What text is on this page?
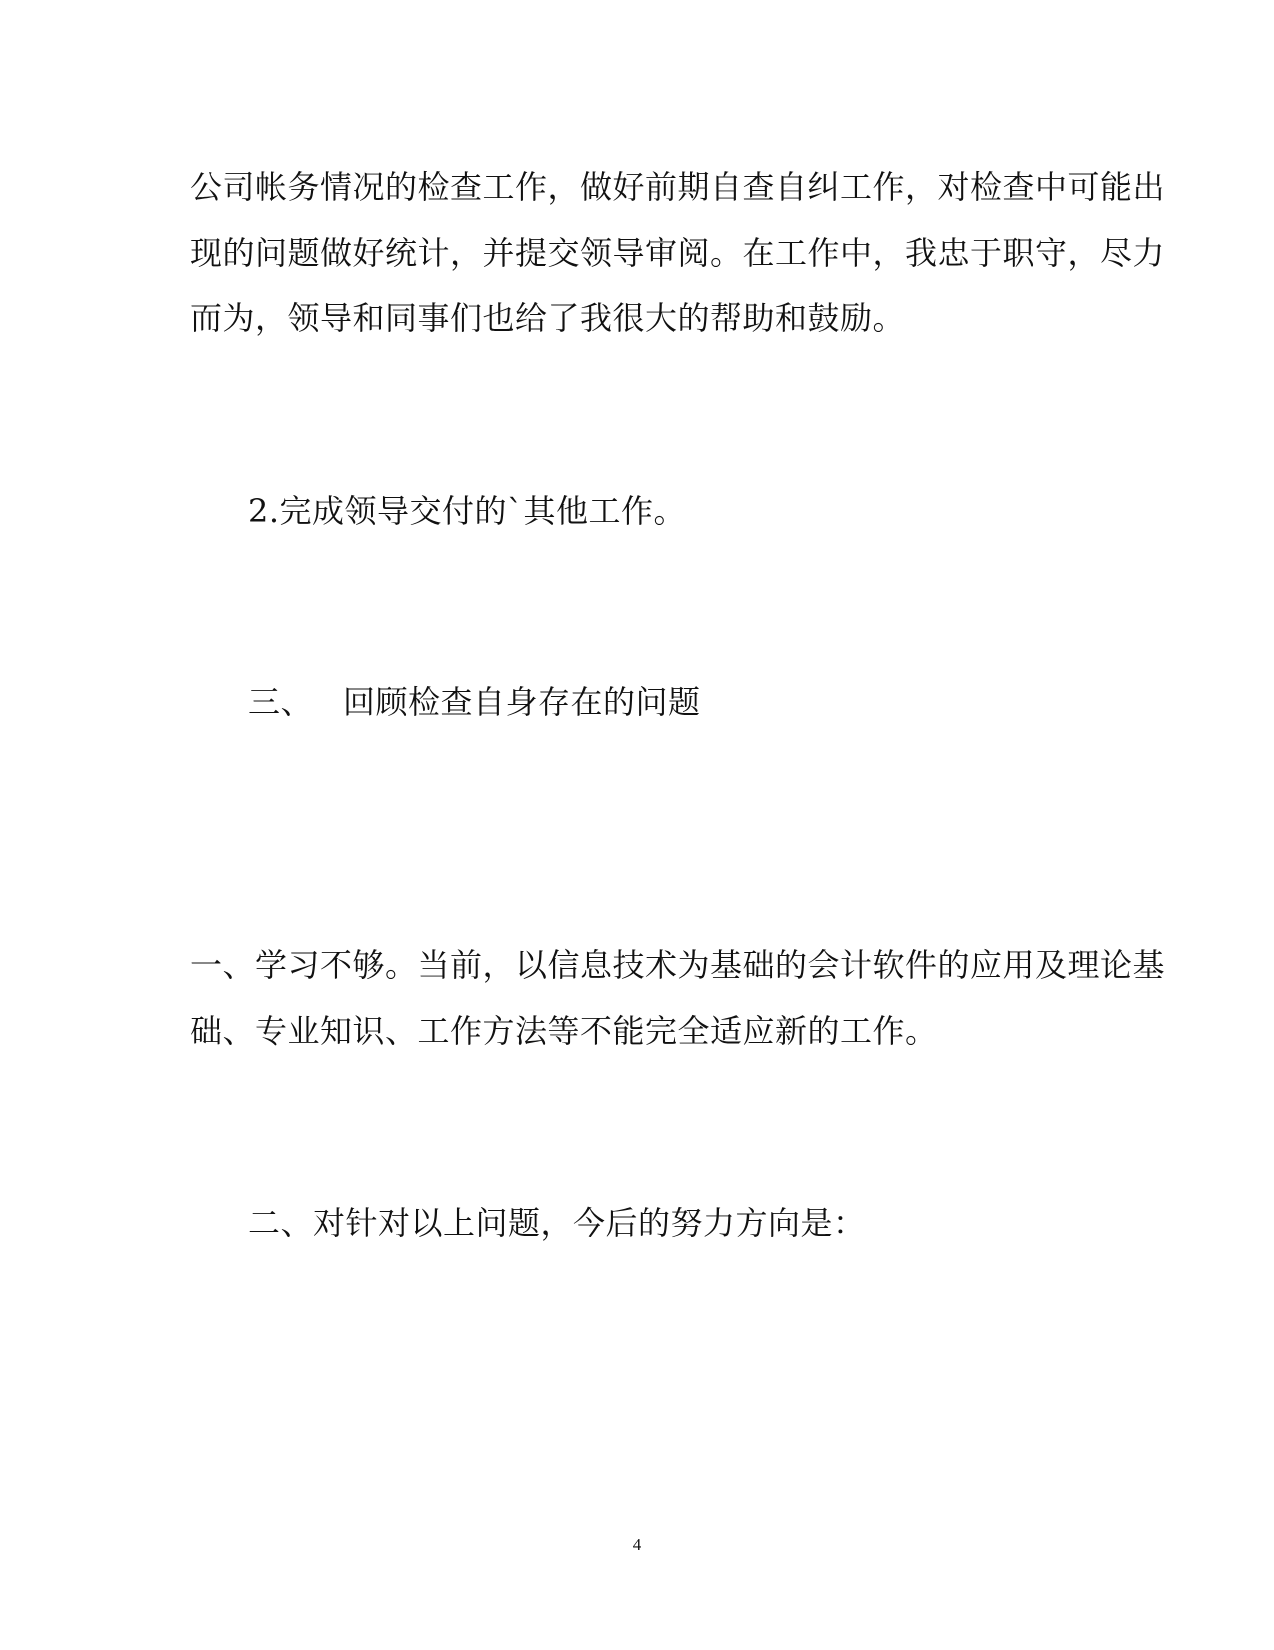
公司帐务情况的检查工作，做好前期自查自纠工作，对检查中可能出
现的问题做好统计，并提交领导审阅。在工作中，我忠于职守，尽力
而为，领导和同事们也给了我很大的帮助和鼓励。
2.完成领导交付的`其他工作。
三、 回顾检查自身存在的问题
一、学习不够。当前，以信息技术为基础的会计软件的应用及理论基
础、专业知识、工作方法等不能完全适应新的工作。
二、对针对以上问题，今后的努力方向是：
4
